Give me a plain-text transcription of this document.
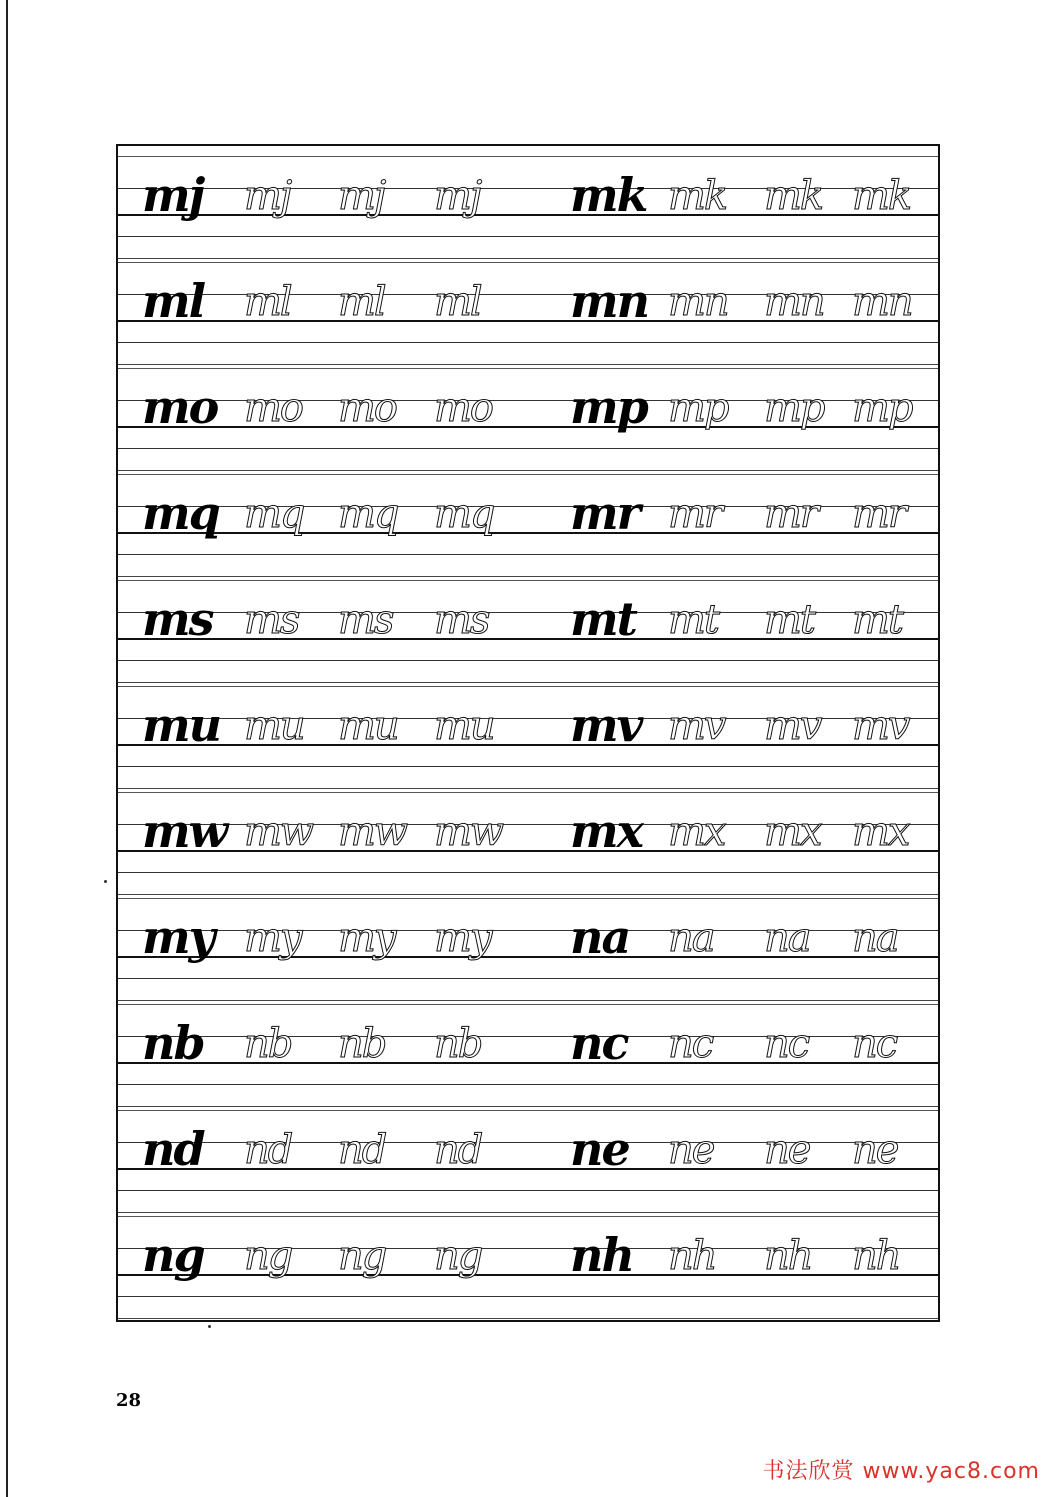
mj mj mj mj mk mk mk mk
ml ml ml ml mn mn mn mn
mo mo mo mo mp mp mp mp
mq mq mq mq mr mr mr mr
ms ms ms ms mt mt mt mt
mu mu mu mu mv mv mv mv
mw mw mw mw mx mx mx mx
my my my my na na na na
nb nb nb nb nc nc nc nc
nd nd nd nd ne ne ne ne
ng ng ng ng nh nh nh nh
28
书法欣赏 www.yac8.com
